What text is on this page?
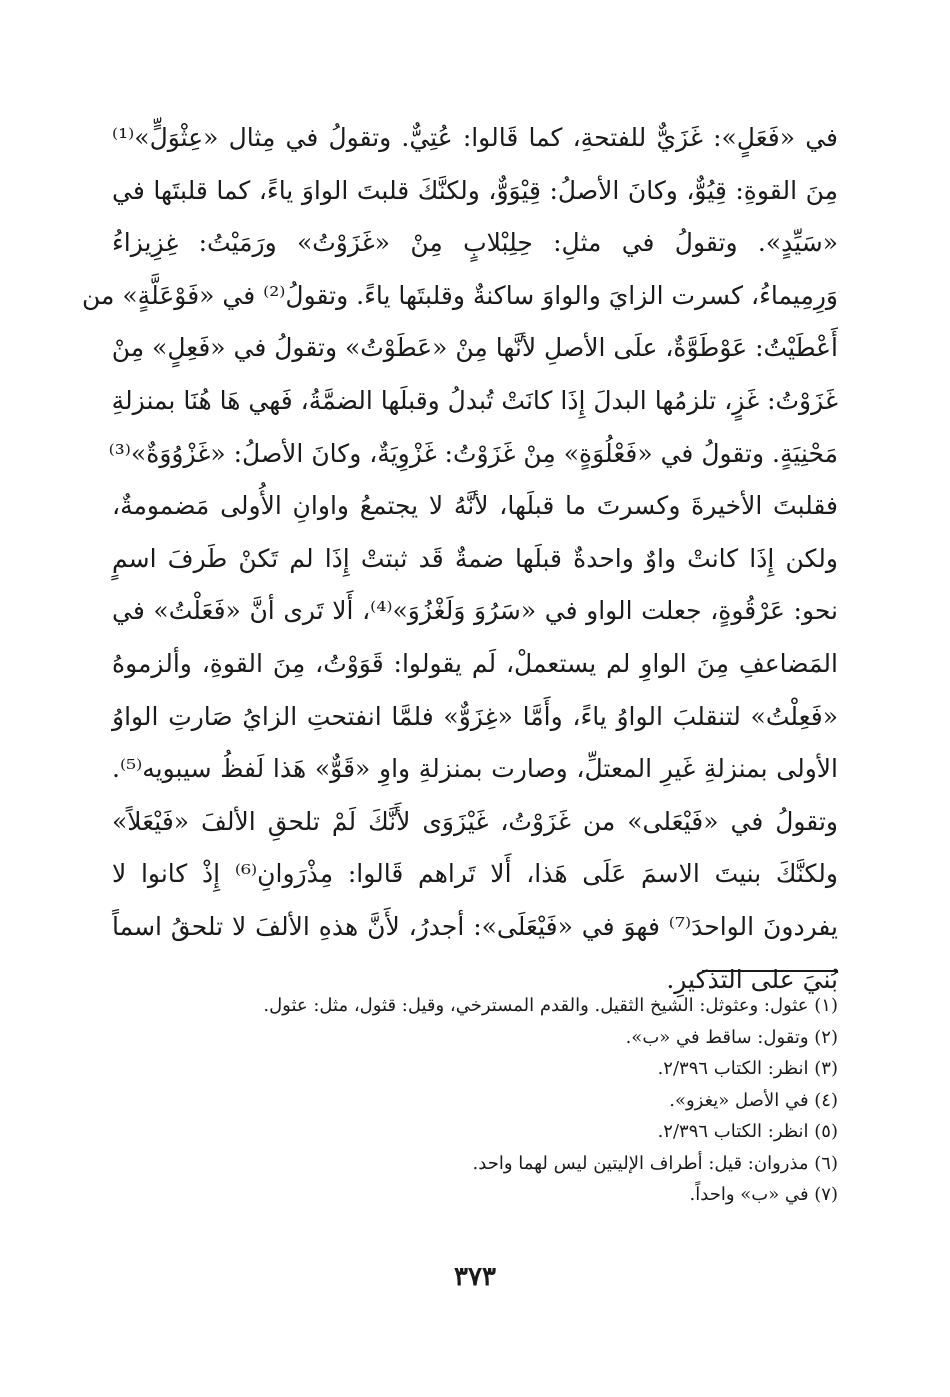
في «فَعَلٍ»: غَزَيٌّ للفتحةِ، كما قَالوا: عُتِيٌّ. وتقولُ في مِثال «عِثْوَلٍّ»⁽¹⁾
مِنَ القوةِ: قِيُوٌّ، وكانَ الأصلُ: قِيْوَوٌّ، ولكنَّكَ قلبتَ الواوَ ياءً، كما قلبتَها في
«سَيِّدٍ». وتقولُ في مثلِ: حِلِبْلابٍ مِنْ «غَزَوْتُ» ورَمَيْتُ: غِزِيزاءُ
وَرِمِيماءُ، كسرت الزايَ والواوَ ساكنةٌ وقلبتَها ياءً. وتقولُ⁽²⁾ في «فَوْعَلَّةٍ» من
أَعْطَيْتُ: عَوْطَوَّةٌ، علَى الأصلِ لأنَّها مِنْ «عَطَوْتُ» وتقولُ في «فَعِلٍ» مِنْ
غَزَوْتُ: غَزٍ، تلزمُها البدلَ إِذَا كانَتْ تُبدلُ وقبلَها الضمَّةُ، فَهي هَا هُنَا بمنزلةِ
مَحْنِيَةٍ. وتقولُ في «فَعْلُوَةٍ» مِنْ غَزَوْتُ: غَزْوِيَةٌ، وكانَ الأصلُ: «غَزْوُوَةٌ»⁽³⁾
فقلبتَ الأخيرةَ وكسرتَ ما قبلَها، لأنَّهُ لا يجتمعُ واوانِ الأُولى مَضمومةٌ،
ولكن إِذَا كانتْ واوٌ واحدةٌ قبلَها ضمةٌ قَد ثبتتْ إِذَا لم تَكنْ طَرفَ اسمٍ
نحو: عَرْقُوةٍ، جعلت الواو في «سَرُوَ وَلَغْزُوَ»⁽⁴⁾، أَلا تَرى أنَّ «فَعَلْتُ» في
المَضاعفِ مِنَ الواوِ لم يستعملْ، لَم يقولوا: قَوَوْتُ، مِنَ القوةِ، وألزموهُ
«فَعِلْتُ» لتنقلبَ الواوُ ياءً، وأَمَّا «غِزَوٌّ» فلمَّا انفتحتِ الزايُ صَارتِ الواوُ
الأولى بمنزلةِ غَيرِ المعتلِّ، وصارت بمنزلةِ واوِ «قَوٌّ» هَذا لَفظُ سيبويه⁽⁵⁾.
وتقولُ في «فَيْعَلى» من غَزَوْتُ، غَيْزَوَى لأَنَّكَ لَمْ تلحقِ الألفَ «فَيْعَلاً»
ولكنَّكَ بنيتَ الاسمَ عَلَى هَذا، أَلا تَراهم قَالوا: مِذْرَوانِ⁽⁶⁾ إِذْ كانوا لا
يفردونَ الواحدَ⁽⁷⁾ فهوَ في «فَيْعَلَى»: أجدرُ، لأَنَّ هذهِ الألفَ لا تلحقُ اسماً
بُنيَ على التذكيرِ.
(١) عثول: وعثوثل: الشيخ الثقيل. والقدم المسترخي، وقيل: قثول، مثل: عثول.
(٢) وتقول: ساقط في «ب».
(٣) انظر: الكتاب ٢/٣٩٦.
(٤) في الأصل «يغزو».
(٥) انظر: الكتاب ٢/٣٩٦.
(٦) مذروان: قيل: أطراف الإليتين ليس لهما واحد.
(٧) في «ب» واحداً.
٣٧٣
